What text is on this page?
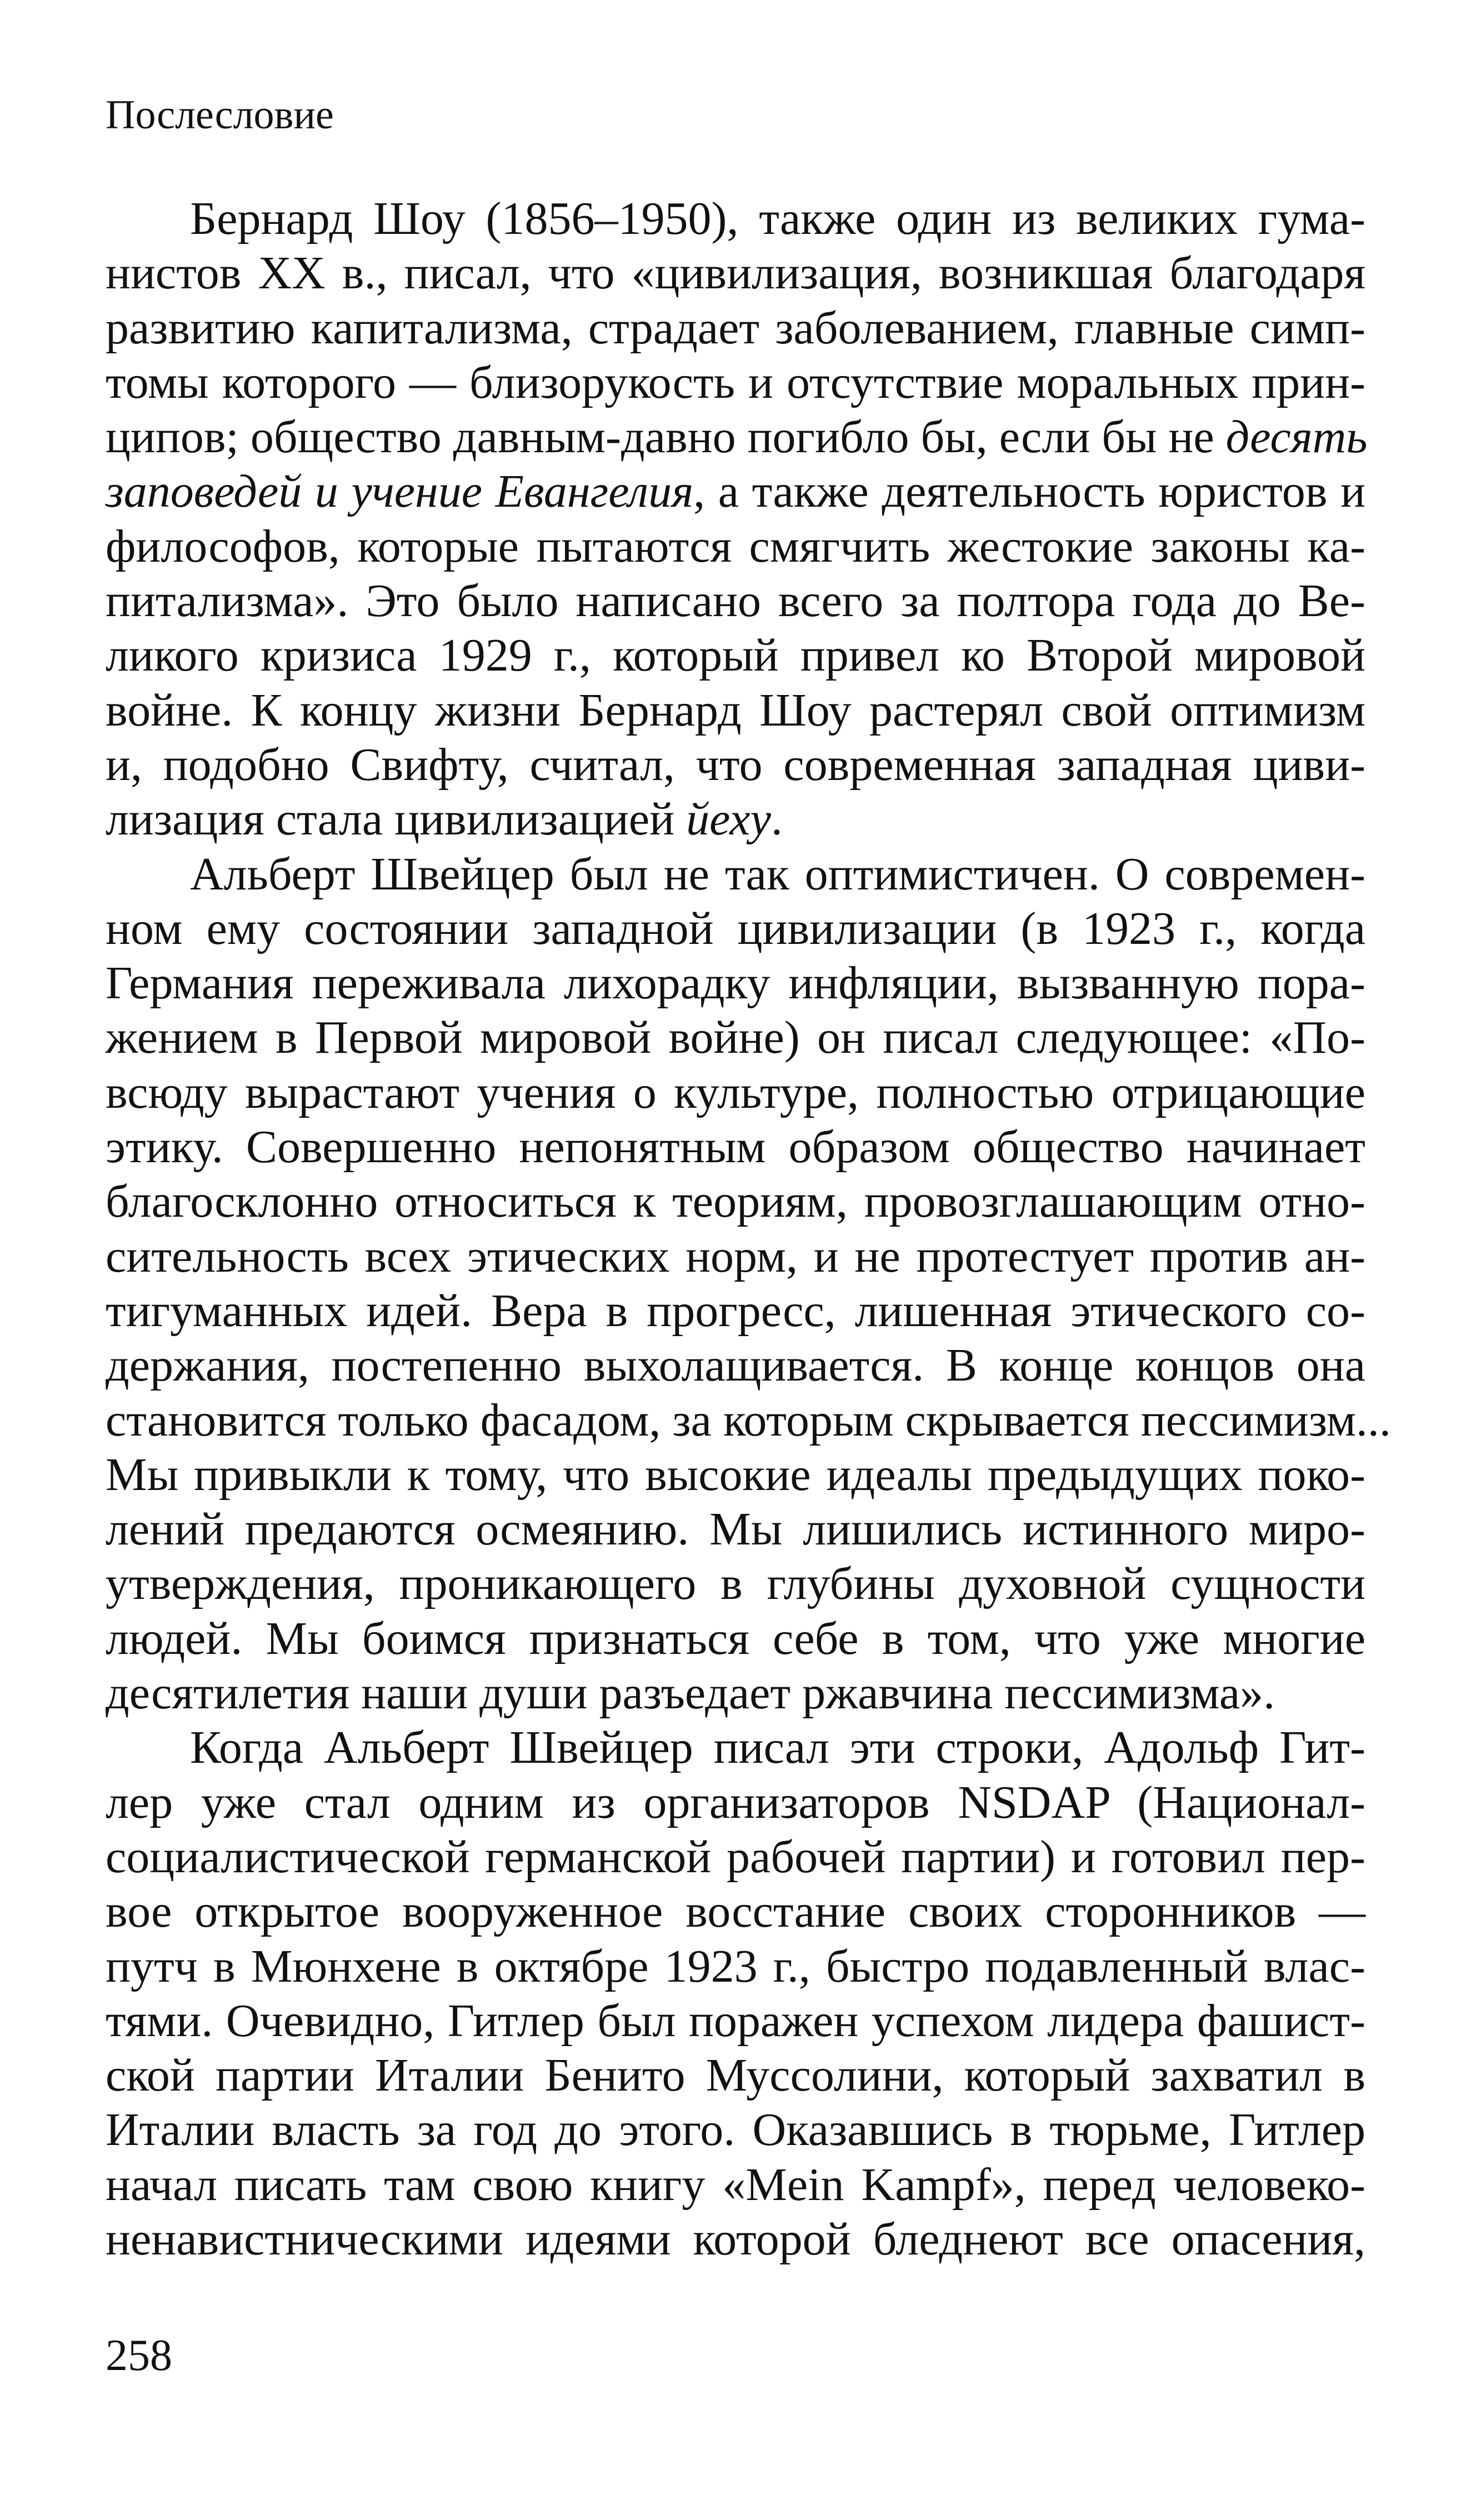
Послесловие
Бернард Шоу (1856–1950), также один из великих гума-
нистов XX в., писал, что «цивилизация, возникшая благодаря
развитию капитализма, страдает заболеванием, главные симп-
томы которого — близорукость и отсутствие моральных прин-
ципов; общество давным-давно погибло бы, если бы не десять
заповедей и учение Евангелия, а также деятельность юристов и
философов, которые пытаются смягчить жестокие законы ка-
питализма». Это было написано всего за полтора года до Ве-
ликого кризиса 1929 г., который привел ко Второй мировой
войне. К концу жизни Бернард Шоу растерял свой оптимизм
и, подобно Свифту, считал, что современная западная циви-
лизация стала цивилизацией йеху.
Альберт Швейцер был не так оптимистичен. О современ-
ном ему состоянии западной цивилизации (в 1923 г., когда
Германия переживала лихорадку инфляции, вызванную пора-
жением в Первой мировой войне) он писал следующее: «По-
всюду вырастают учения о культуре, полностью отрицающие
этику. Совершенно непонятным образом общество начинает
благосклонно относиться к теориям, провозглашающим отно-
сительность всех этических норм, и не протестует против ан-
тигуманных идей. Вера в прогресс, лишенная этического со-
держания, постепенно выхолащивается. В конце концов она
становится только фасадом, за которым скрывается пессимизм...
Мы привыкли к тому, что высокие идеалы предыдущих поко-
лений предаются осмеянию. Мы лишились истинного миро-
утверждения, проникающего в глубины духовной сущности
людей. Мы боимся признаться себе в том, что уже многие
десятилетия наши души разъедает ржавчина пессимизма».
Когда Альберт Швейцер писал эти строки, Адольф Гит-
лер уже стал одним из организаторов NSDAP (Национал-
социалистической германской рабочей партии) и готовил пер-
вое открытое вооруженное восстание своих сторонников —
путч в Мюнхене в октябре 1923 г., быстро подавленный влас-
тями. Очевидно, Гитлер был поражен успехом лидера фашист-
ской партии Италии Бенито Муссолини, который захватил в
Италии власть за год до этого. Оказавшись в тюрьме, Гитлер
начал писать там свою книгу «Mein Kampf», перед человеко-
ненавистническими идеями которой бледнеют все опасения,
258
